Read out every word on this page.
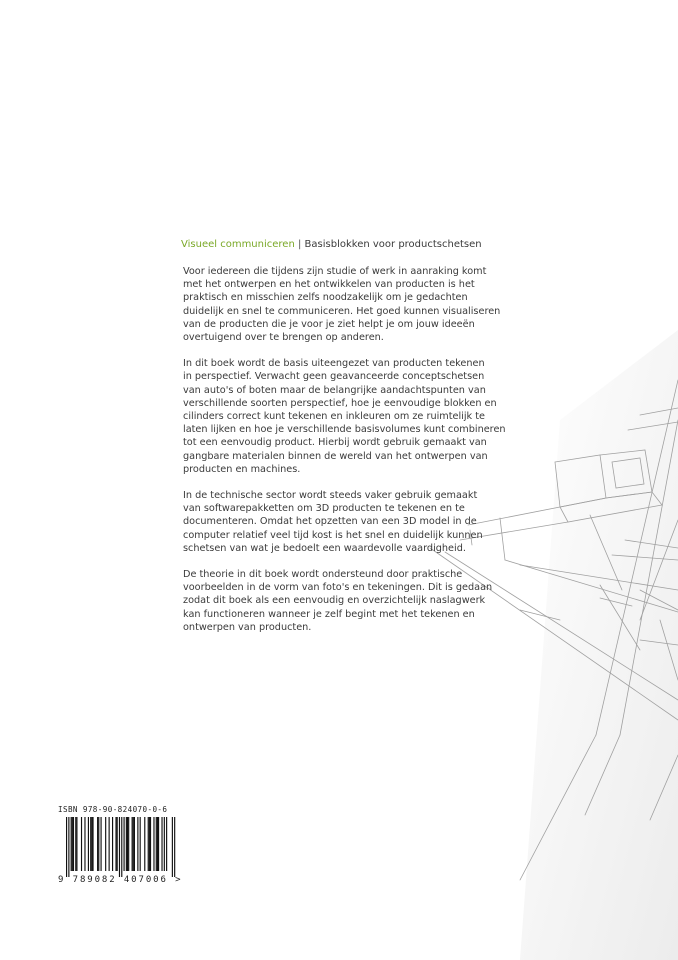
Visueel communiceren | Basisblokken voor productschetsen

Voor iedereen die tijdens zijn studie of werk in aanraking komt
met het ontwerpen en het ontwikkelen van producten is het
praktisch en misschien zelfs noodzakelijk om je gedachten
duidelijk en snel te communiceren. Het goed kunnen visualiseren
van de producten die je voor je ziet helpt je om jouw ideeën
overtuigend over te brengen op anderen.

In dit boek wordt de basis uiteengezet van producten tekenen
in perspectief. Verwacht geen geavanceerde conceptschetsen
van auto's of boten maar de belangrijke aandachtspunten van
verschillende soorten perspectief, hoe je eenvoudige blokken en
cilinders correct kunt tekenen en inkleuren om ze ruimtelijk te
laten lijken en hoe je verschillende basisvolumes kunt combineren
tot een eenvoudig product. Hierbij wordt gebruik gemaakt van
gangbare materialen binnen de wereld van het ontwerpen van
producten en machines.

In de technische sector wordt steeds vaker gebruik gemaakt
van softwarepakketten om 3D producten te tekenen en te
documenteren. Omdat het opzetten van een 3D model in de
computer relatief veel tijd kost is het snel en duidelijk kunnen
schetsen van wat je bedoelt een waardevolle vaardigheid.

De theorie in dit boek wordt ondersteund door praktische
voorbeelden in de vorm van foto's en tekeningen. Dit is gedaan
zodat dit boek als een eenvoudig en overzichtelijk naslagwerk
kan functioneren wanneer je zelf begint met het tekenen en
ontwerpen van producten.

ISBN 978-90-824070-0-6
9 789082 407006 >
